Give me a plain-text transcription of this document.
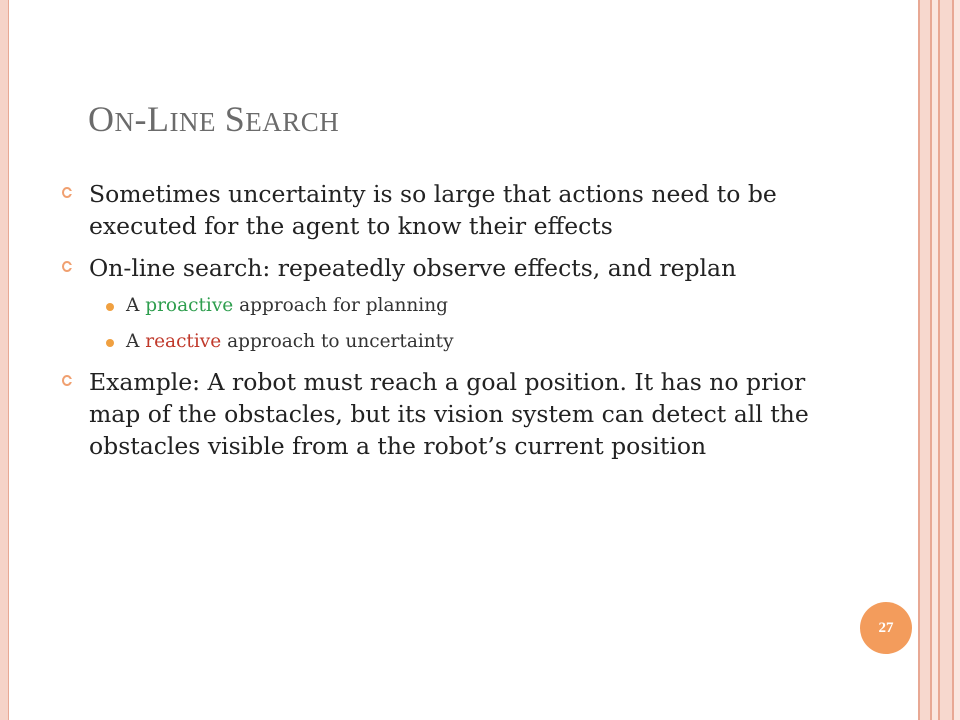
ON-LINE SEARCH
Sometimes uncertainty is so large that actions need to be executed for the agent to know their effects
On-line search: repeatedly observe effects, and replan
A proactive approach for planning
A reactive approach to uncertainty
Example: A robot must reach a goal position. It has no prior map of the obstacles, but its vision system can detect all the obstacles visible from a the robot’s current position
27
